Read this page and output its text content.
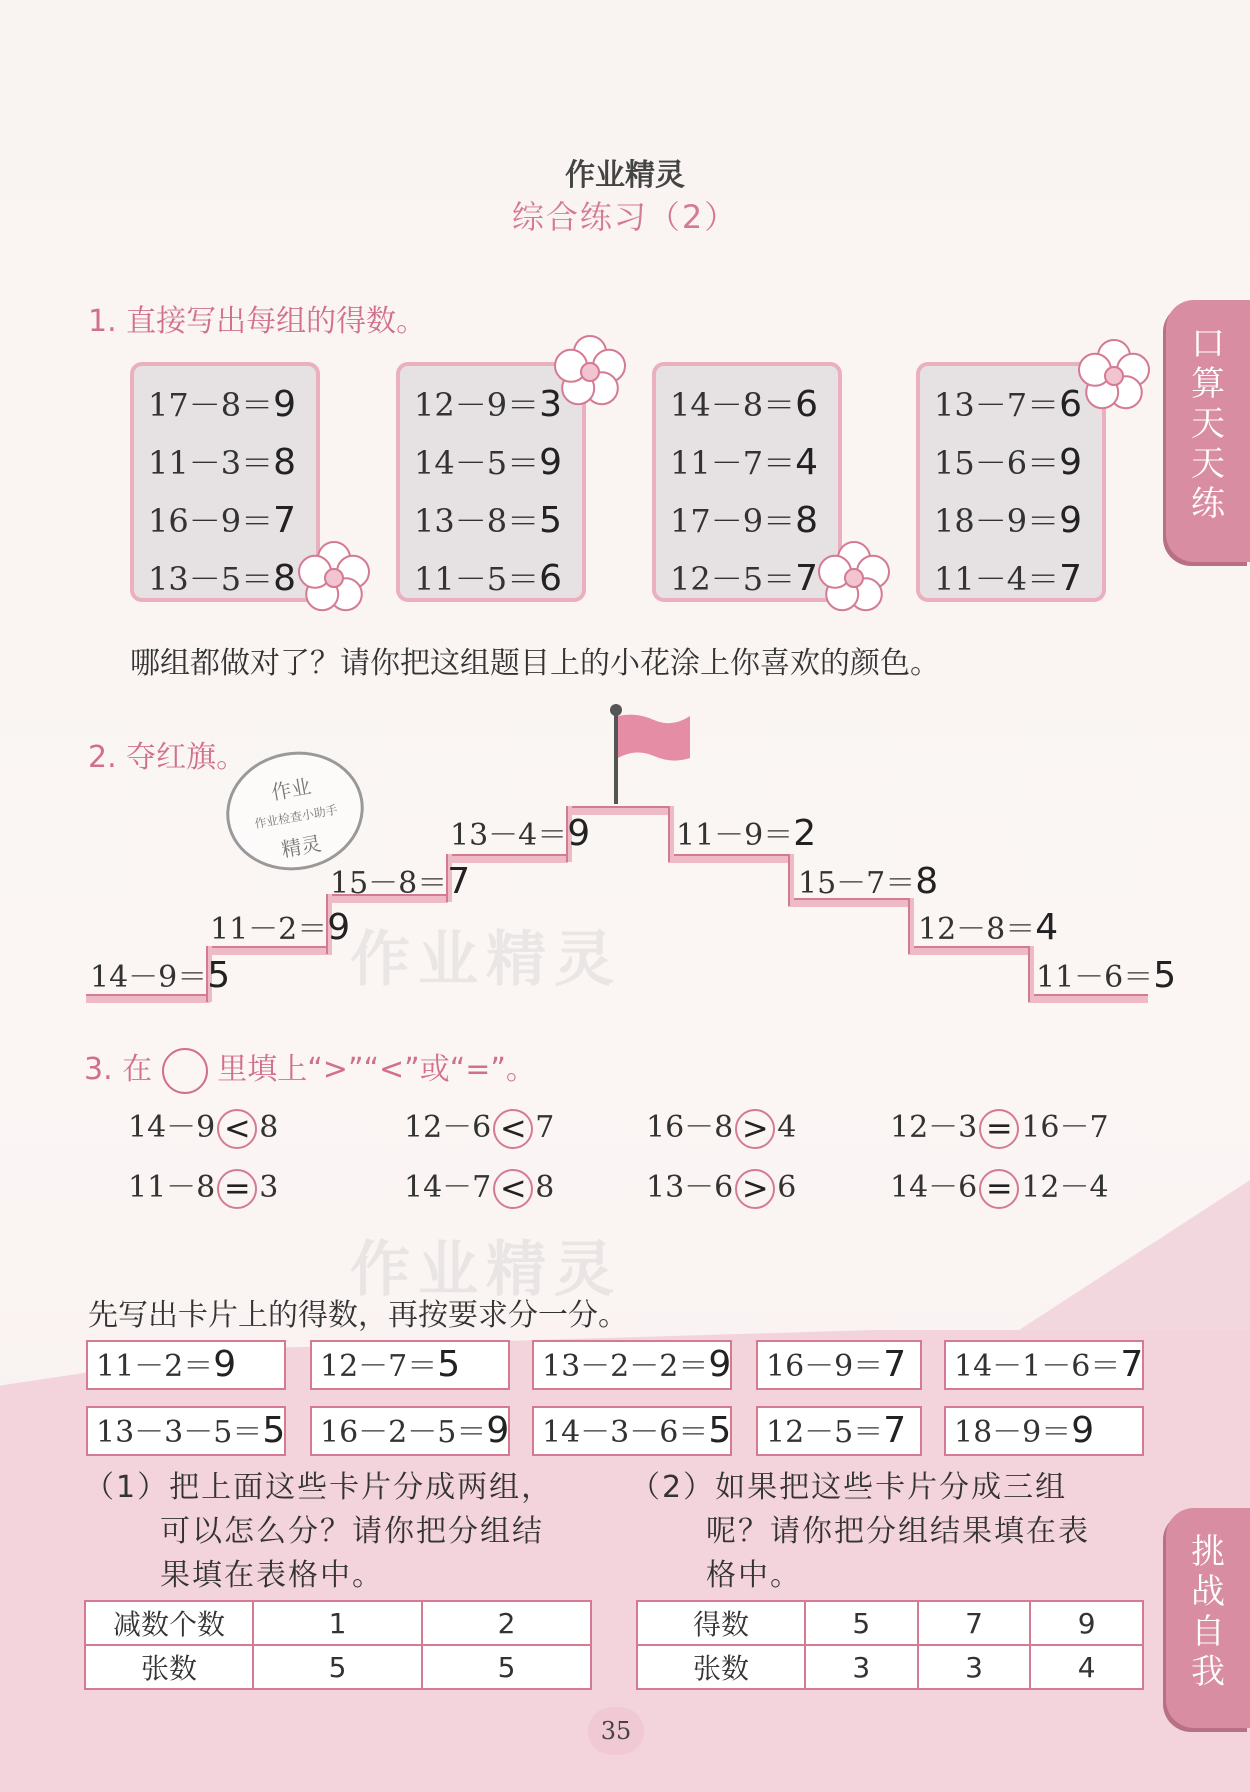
作业精灵
综合练习（2）
口
算
天
天
练
挑
战
自
我
1. 直接写出每组的得数。
17－8＝9
11－3＝8
16－9＝7
13－5＝8
12－9＝3
14－5＝9
13－8＝5
11－5＝6
14－8＝6
11－7＝4
17－9＝8
12－5＝7
13－7＝6
15－6＝9
18－9＝9
11－4＝7
哪组都做对了？请你把这组题目上的小花涂上你喜欢的颜色。
2. 夺红旗。
作业
作业检查小助手
精灵
14－9＝5
11－2＝9
15－8＝7
13－4＝9	11－9＝2
15－7＝8
12－8＝4
11－6＝5
3. 在 里填上“>”“<”或“=”。
14－9 < 8	12－6 < 7	16－8 > 4	12－3 = 16－7
11－8 = 3	14－7 < 8	13－6 > 6	14－6 = 12－4
作业精灵
作业精灵
先写出卡片上的得数，再按要求分一分。
11－2＝9	12－7＝5	13－2－2＝9	16－9＝7	14－1－6＝7
13－3－5＝5	16－2－5＝9	14－3－6＝5	12－5＝7	18－9＝9
（1）把上面这些卡片分成两组，
可以怎么分？请你把分组结
果填在表格中。
（2）如果把这些卡片分成三组
呢？请你把分组结果填在表
格中。
减数个数	1	2
张数	5	5
得数	5	7	9
张数	3	3	4
35
